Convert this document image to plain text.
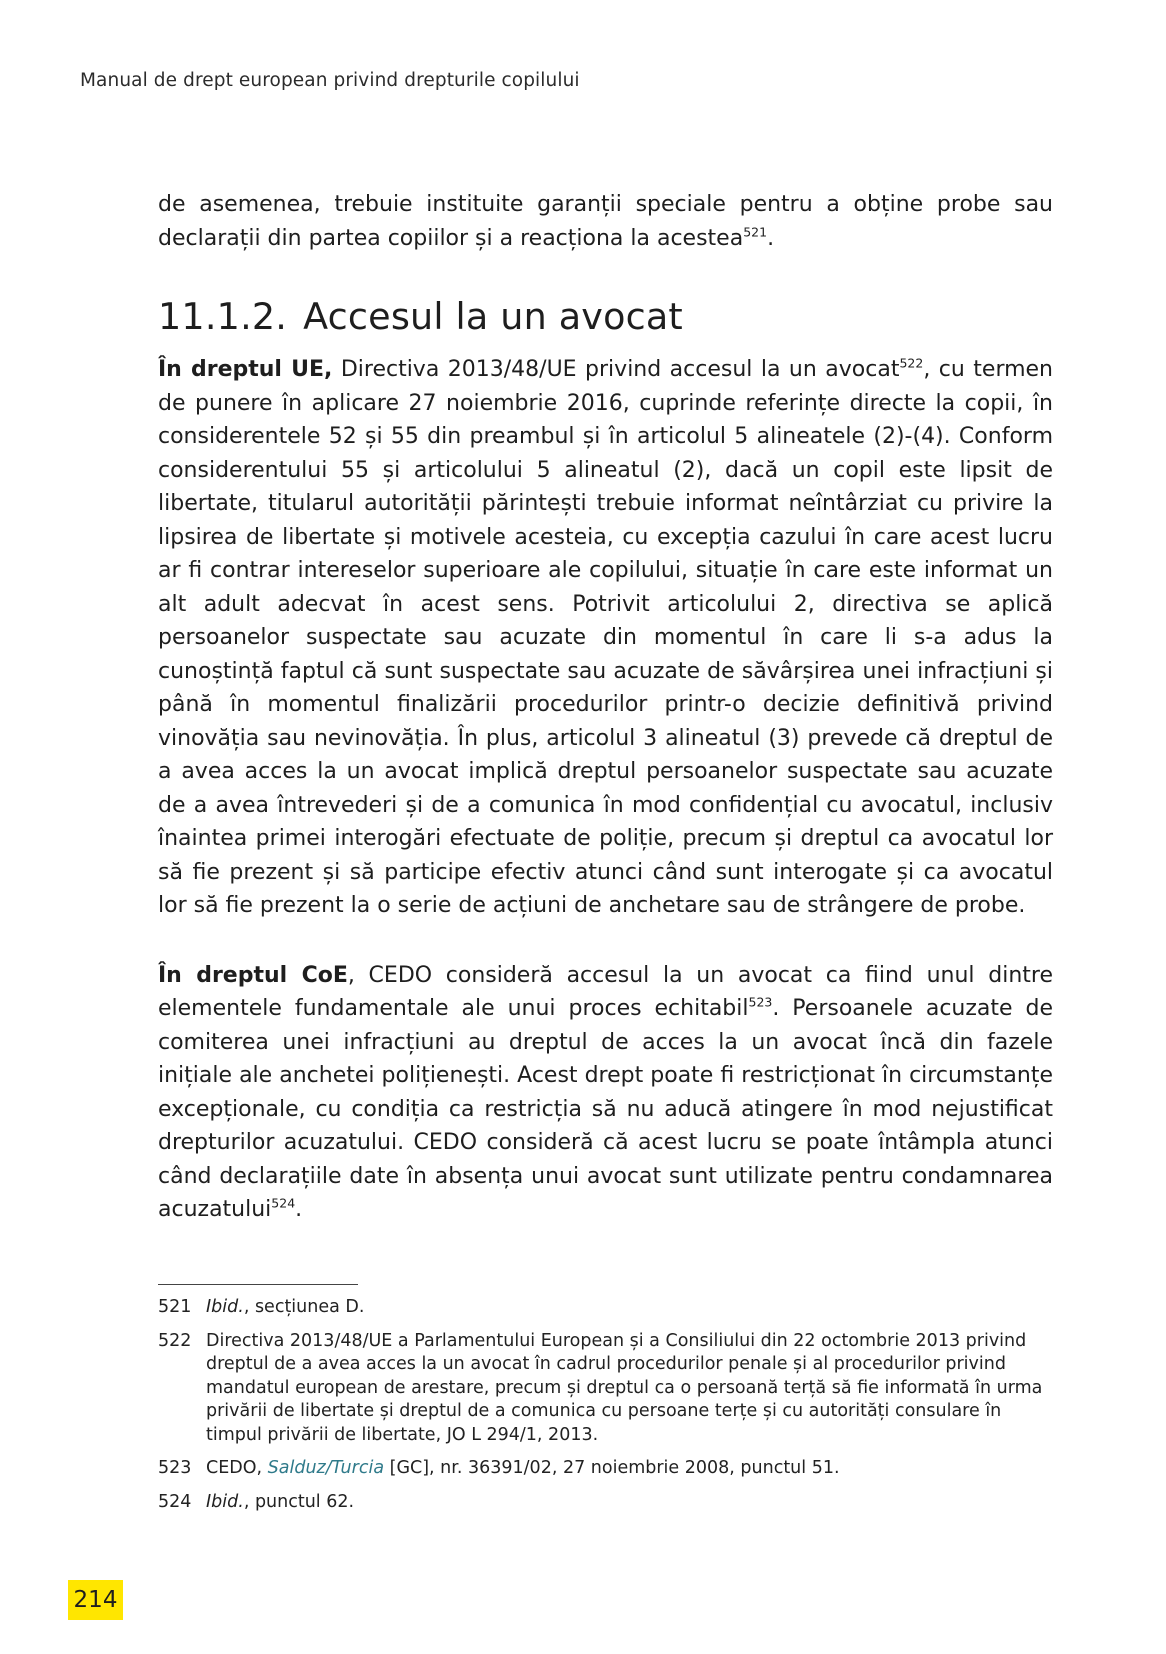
Manual de drept european privind drepturile copilului

de asemenea, trebuie instituite garanții speciale pentru a obține probe sau declarații din partea copiilor și a reacționa la acestea$^{521}$.

11.1.2. Accesul la un avocat

În dreptul UE, Directiva 2013/48/UE privind accesul la un avocat$^{522}$, cu termen de punere în aplicare 27 noiembrie 2016, cuprinde referințe directe la copii, în considerentele 52 și 55 din preambul și în articolul 5 alineatele (2)-(4). Conform considerentului 55 și articolului 5 alineatul (2), dacă un copil este lipsit de libertate, titularul autorității părintești trebuie informat neîntârziat cu privire la lipsirea de libertate și motivele acesteia, cu excepția cazului în care acest lucru ar fi contrar intereselor superioare ale copilului, situație în care este informat un alt adult adecvat în acest sens. Potrivit articolului 2, directiva se aplică persoanelor suspectate sau acuzate din momentul în care li s-a adus la cunoștință faptul că sunt suspectate sau acuzate de săvârșirea unei infracțiuni și până în momentul finalizării procedurilor printr-o decizie definitivă privind vinovăția sau nevinovăția. În plus, articolul 3 alineatul (3) prevede că dreptul de a avea acces la un avocat implică dreptul persoanelor suspectate sau acuzate de a avea întrevederi și de a comunica în mod confidențial cu avocatul, inclusiv înaintea primei interogări efectuate de poliție, precum și dreptul ca avocatul lor să fie prezent și să participe efectiv atunci când sunt interogate și ca avocatul lor să fie prezent la o serie de acțiuni de anchetare sau de strângere de probe.

În dreptul CoE, CEDO consideră accesul la un avocat ca fiind unul dintre elementele fundamentale ale unui proces echitabil$^{523}$. Persoanele acuzate de comiterea unei infracțiuni au dreptul de acces la un avocat încă din fazele inițiale ale anchetei polițienești. Acest drept poate fi restricționat în circumstanțe excepționale, cu condiția ca restricția să nu aducă atingere în mod nejustificat drepturilor acuzatului. CEDO consideră că acest lucru se poate întâmpla atunci când declarațiile date în absența unui avocat sunt utilizate pentru condamnarea acuzatului$^{524}$.

521 Ibid., secțiunea D.
522 Directiva 2013/48/UE a Parlamentului European și a Consiliului din 22 octombrie 2013 privind dreptul de a avea acces la un avocat în cadrul procedurilor penale și al procedurilor privind mandatul european de arestare, precum și dreptul ca o persoană terță să fie informată în urma privării de libertate și dreptul de a comunica cu persoane terțe și cu autorități consulare în timpul privării de libertate, JO L 294/1, 2013.
523 CEDO, Salduz/Turcia [GC], nr. 36391/02, 27 noiembrie 2008, punctul 51.
524 Ibid., punctul 62.
214
